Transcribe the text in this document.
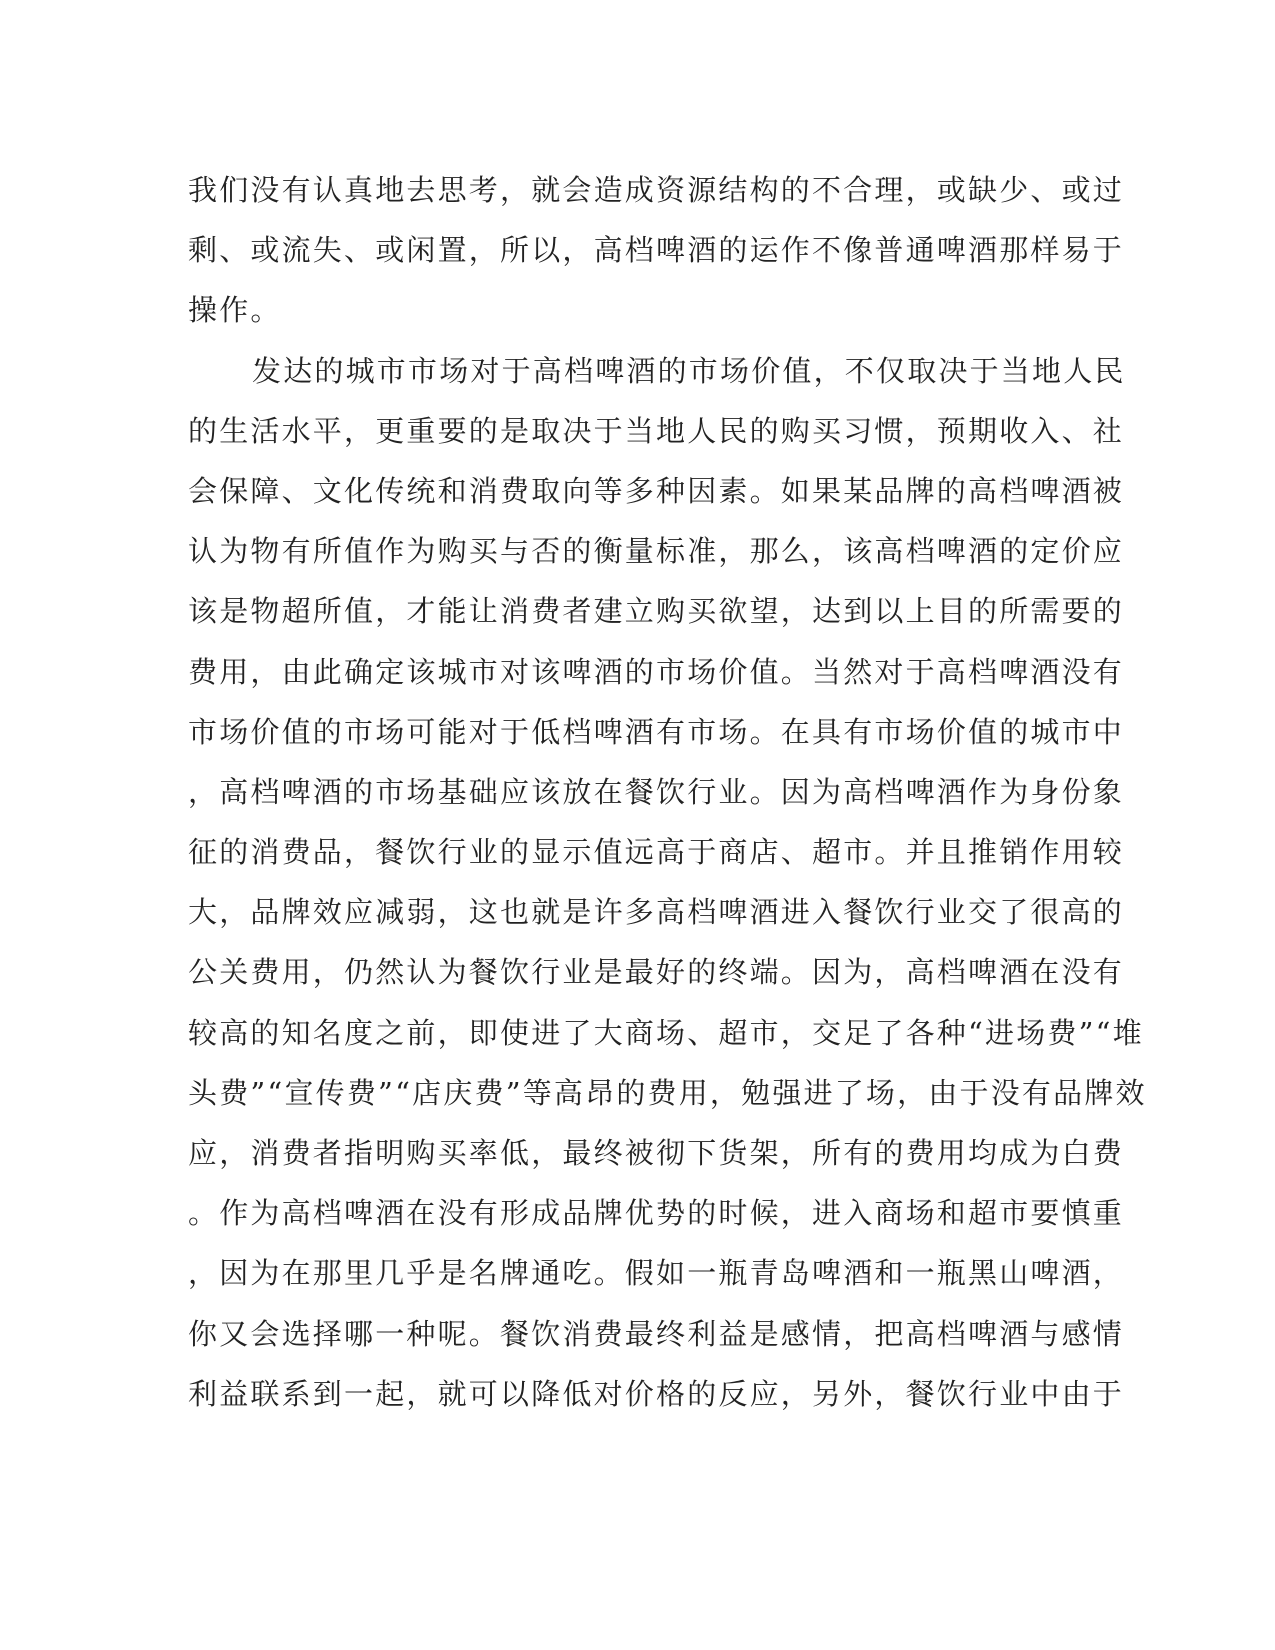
我们没有认真地去思考，就会造成资源结构的不合理，或缺少、或过
剩、或流失、或闲置，所以，高档啤酒的运作不像普通啤酒那样易于
操作。
发达的城市市场对于高档啤酒的市场价值，不仅取决于当地人民
的生活水平，更重要的是取决于当地人民的购买习惯，预期收入、社
会保障、文化传统和消费取向等多种因素。如果某品牌的高档啤酒被
认为物有所值作为购买与否的衡量标准，那么，该高档啤酒的定价应
该是物超所值，才能让消费者建立购买欲望，达到以上目的所需要的
费用，由此确定该城市对该啤酒的市场价值。当然对于高档啤酒没有
市场价值的市场可能对于低档啤酒有市场。在具有市场价值的城市中
，高档啤酒的市场基础应该放在餐饮行业。因为高档啤酒作为身份象
征的消费品，餐饮行业的显示值远高于商店、超市。并且推销作用较
大，品牌效应减弱，这也就是许多高档啤酒进入餐饮行业交了很高的
公关费用，仍然认为餐饮行业是最好的终端。因为，高档啤酒在没有
较高的知名度之前，即使进了大商场、超市，交足了各种“进场费”“堆
头费”“宣传费”“店庆费”等高昂的费用，勉强进了场，由于没有品牌效
应，消费者指明购买率低，最终被彻下货架，所有的费用均成为白费
。作为高档啤酒在没有形成品牌优势的时候，进入商场和超市要慎重
，因为在那里几乎是名牌通吃。假如一瓶青岛啤酒和一瓶黑山啤酒，
你又会选择哪一种呢。餐饮消费最终利益是感情，把高档啤酒与感情
利益联系到一起，就可以降低对价格的反应，另外，餐饮行业中由于
